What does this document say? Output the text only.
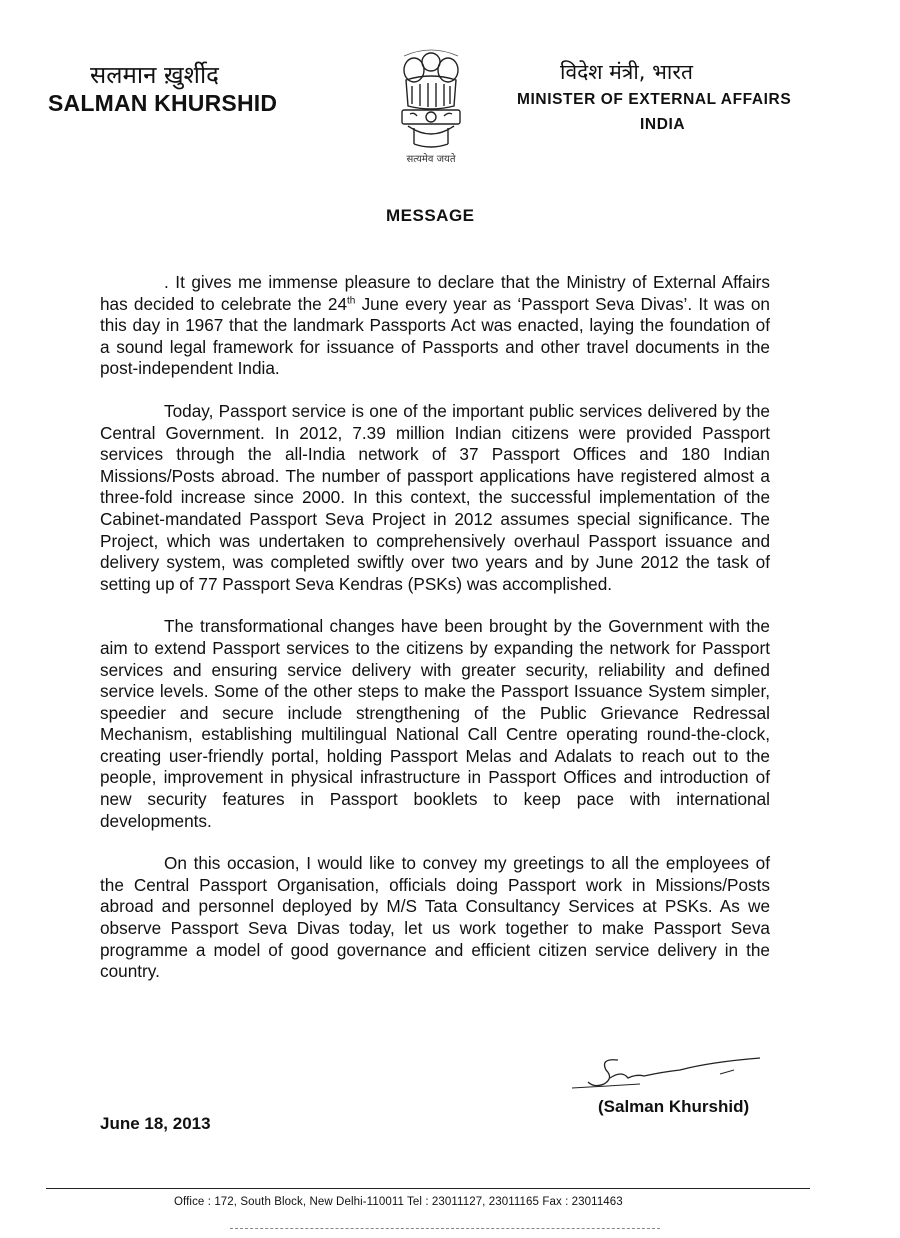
सलमान ख़ुर्शीद
SALMAN KHURSHID
सत्यमेव जयते
विदेश मंत्री, भारत
MINISTER OF EXTERNAL AFFAIRS
INDIA
MESSAGE

. It gives me immense pleasure to declare that the Ministry of External Affairs has decided to celebrate the 24th June every year as ‘Passport Seva Divas’. It was on this day in 1967 that the landmark Passports Act was enacted, laying the foundation of a sound legal framework for issuance of Passports and other travel documents in the post-independent India.

Today, Passport service is one of the important public services delivered by the Central Government. In 2012, 7.39 million Indian citizens were provided Passport services through the all-India network of 37 Passport Offices and 180 Indian Missions/Posts abroad. The number of passport applications have registered almost a three-fold increase since 2000. In this context, the successful implementation of the Cabinet-mandated Passport Seva Project in 2012 assumes special significance. The Project, which was undertaken to comprehensively overhaul Passport issuance and delivery system, was completed swiftly over two years and by June 2012 the task of setting up of 77 Passport Seva Kendras (PSKs) was accomplished.

The transformational changes have been brought by the Government with the aim to extend Passport services to the citizens by expanding the network for Passport services and ensuring service delivery with greater security, reliability and defined service levels. Some of the other steps to make the Passport Issuance System simpler, speedier and secure include strengthening of the Public Grievance Redressal Mechanism, establishing multilingual National Call Centre operating round-the-clock, creating user-friendly portal, holding Passport Melas and Adalats to reach out to the people, improvement in physical infrastructure in Passport Offices and introduction of new security features in Passport booklets to keep pace with international developments.

On this occasion, I would like to convey my greetings to all the employees of the Central Passport Organisation, officials doing Passport work in Missions/Posts abroad and personnel deployed by M/S Tata Consultancy Services at PSKs. As we observe Passport Seva Divas today, let us work together to make Passport Seva programme a model of good governance and efficient citizen service delivery in the country.

(Salman Khurshid)
June 18, 2013
Office : 172, South Block, New Delhi-110011 Tel : 23011127, 23011165 Fax : 23011463
